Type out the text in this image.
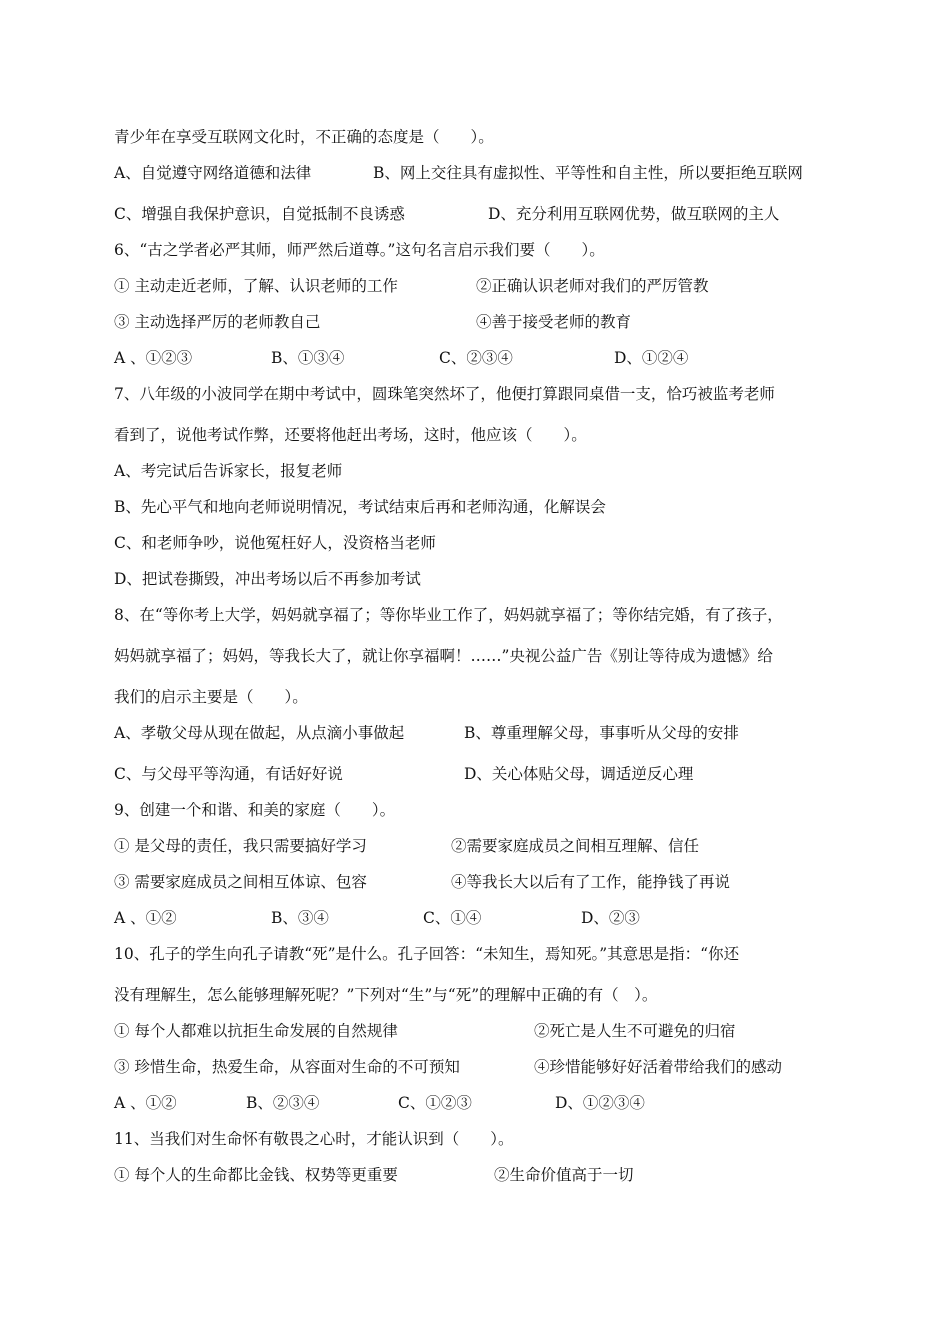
青少年在享受互联网文化时，不正确的态度是（　　）。
A、自觉遵守网络道德和法律	B、网上交往具有虚拟性、平等性和自主性，所以要拒绝互联网
C、增强自我保护意识，自觉抵制不良诱惑	D、充分利用互联网优势，做互联网的主人
6、“古之学者必严其师，师严然后道尊。”这句名言启示我们要（　　）。
① 主动走近老师，了解、认识老师的工作	②正确认识老师对我们的严厉管教
③ 主动选择严厉的老师教自己	④善于接受老师的教育
A 、①②③	B、①③④	C、②③④	D、①②④
7、八年级的小波同学在期中考试中，圆珠笔突然坏了，他便打算跟同桌借一支，恰巧被监考老师
看到了，说他考试作弊，还要将他赶出考场，这时，他应该（　　）。
A、考完试后告诉家长，报复老师
B、先心平气和地向老师说明情况，考试结束后再和老师沟通，化解误会
C、和老师争吵，说他冤枉好人，没资格当老师
D、把试卷撕毁，冲出考场以后不再参加考试
8、在“等你考上大学，妈妈就享福了；等你毕业工作了，妈妈就享福了；等你结完婚，有了孩子，
妈妈就享福了；妈妈，等我长大了，就让你享福啊！……”央视公益广告《别让等待成为遗憾》给
我们的启示主要是（　　）。
A、孝敬父母从现在做起，从点滴小事做起	B、尊重理解父母，事事听从父母的安排
C、与父母平等沟通，有话好好说	D、关心体贴父母，调适逆反心理
9、创建一个和谐、和美的家庭（　　）。
① 是父母的责任，我只需要搞好学习	②需要家庭成员之间相互理解、信任
③ 需要家庭成员之间相互体谅、包容	④等我长大以后有了工作，能挣钱了再说
A 、①②	B、③④	C、①④	D、②③
10、孔子的学生向孔子请教“死”是什么。孔子回答：“未知生，焉知死。”其意思是指：“你还
没有理解生，怎么能够理解死呢？”下列对“生”与“死”的理解中正确的有（　）。
① 每个人都难以抗拒生命发展的自然规律	②死亡是人生不可避免的归宿
③ 珍惜生命，热爱生命，从容面对生命的不可预知	④珍惜能够好好活着带给我们的感动
A 、①②	B、②③④	C、①②③	D、①②③④
11、当我们对生命怀有敬畏之心时，才能认识到（　　）。
① 每个人的生命都比金钱、权势等更重要	②生命价值高于一切
